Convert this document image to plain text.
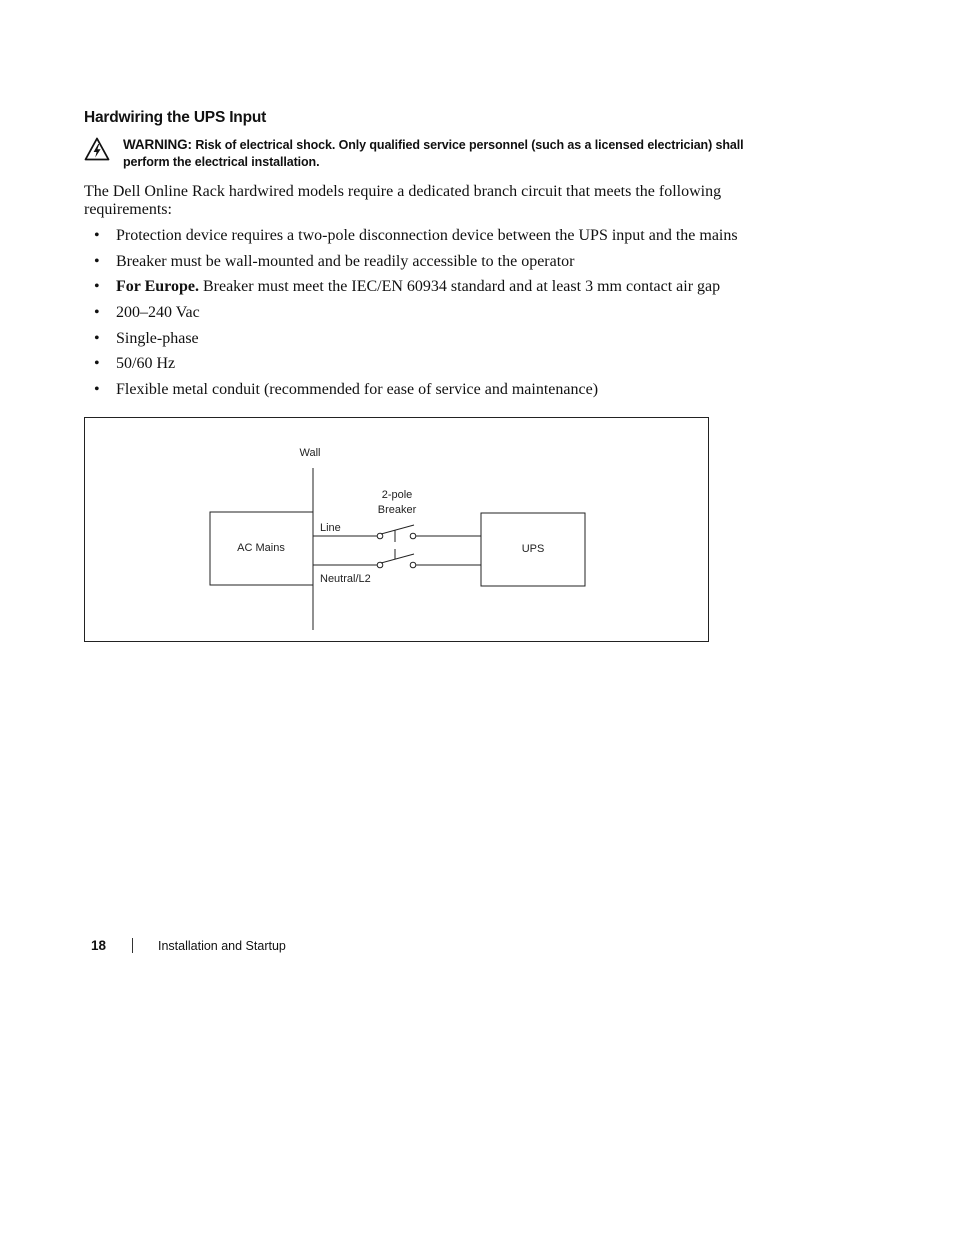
Hardwiring the UPS Input
WARNING: Risk of electrical shock. Only qualified service personnel (such as a licensed electrician) shall perform the electrical installation.
The Dell Online Rack hardwired models require a dedicated branch circuit that meets the following requirements:
• Protection device requires a two-pole disconnection device between the UPS input and the mains
• Breaker must be wall-mounted and be readily accessible to the operator
• For Europe. Breaker must meet the IEC/EN 60934 standard and at least 3 mm contact air gap
• 200–240 Vac
• Single-phase
• 50/60 Hz
• Flexible metal conduit (recommended for ease of service and maintenance)
AC Mains
Wall
Line
Neutral/L2
2-pole
Breaker
UPS
18	Installation and Startup
